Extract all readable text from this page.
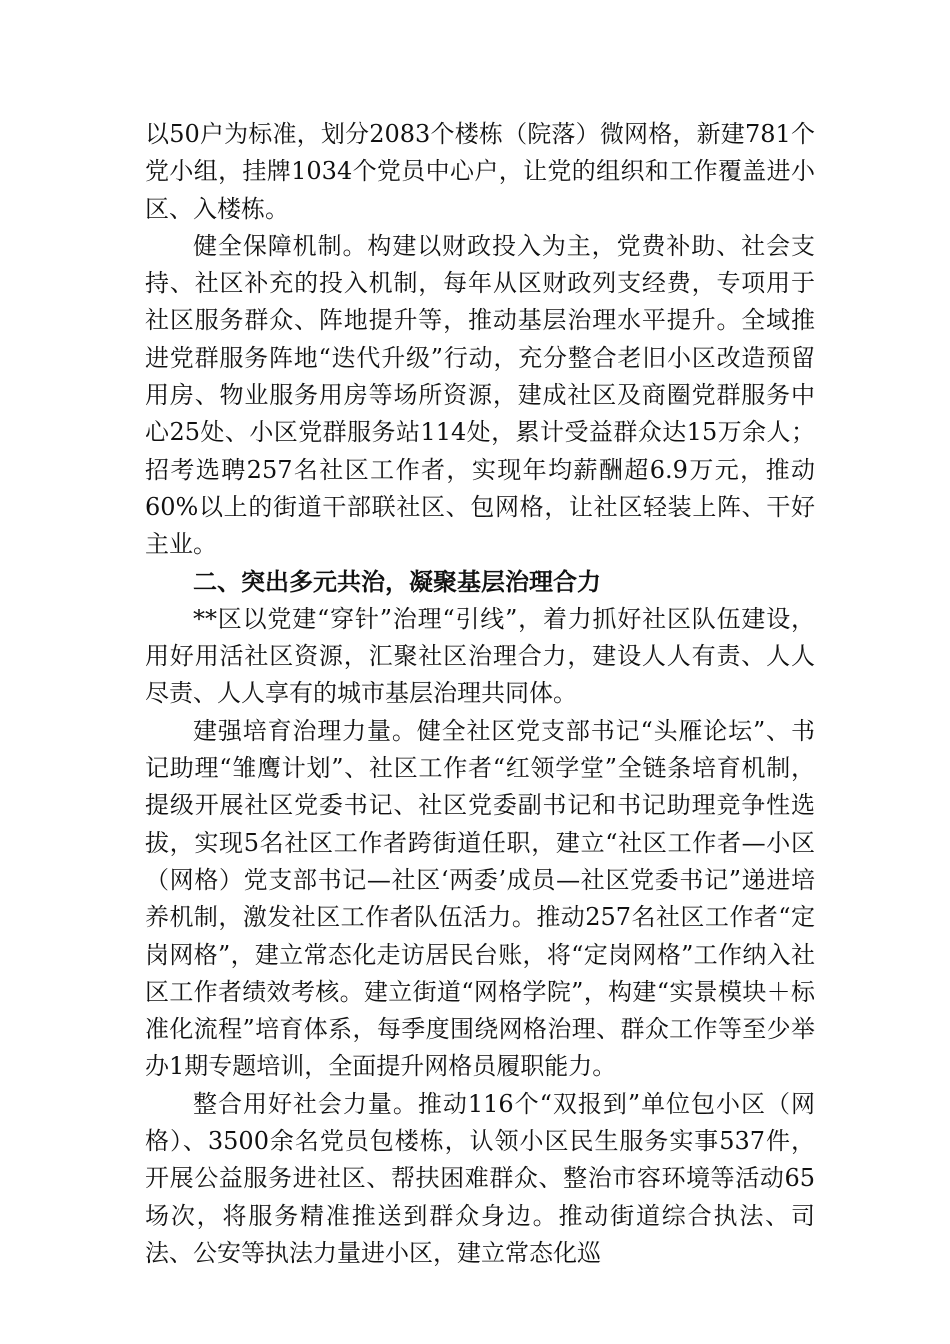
以50户为标准，划分2083个楼栋（院落）微网格，新建781个党小组，挂牌1034个党员中心户，让党的组织和工作覆盖进小区、入楼栋。

健全保障机制。构建以财政投入为主，党费补助、社会支持、社区补充的投入机制，每年从区财政列支经费，专项用于社区服务群众、阵地提升等，推动基层治理水平提升。全域推进党群服务阵地“迭代升级”行动，充分整合老旧小区改造预留用房、物业服务用房等场所资源，建成社区及商圈党群服务中心25处、小区党群服务站114处，累计受益群众达15万余人；招考选聘257名社区工作者，实现年均薪酬超6.9万元，推动60%以上的街道干部联社区、包网格，让社区轻装上阵、干好主业。

二、突出多元共治，凝聚基层治理合力

**区以党建“穿针”治理“引线”，着力抓好社区队伍建设，用好用活社区资源，汇聚社区治理合力，建设人人有责、人人尽责、人人享有的城市基层治理共同体。

建强培育治理力量。健全社区党支部书记“头雁论坛”、书记助理“雏鹰计划”、社区工作者“红领学堂”全链条培育机制，提级开展社区党委书记、社区党委副书记和书记助理竞争性选拔，实现5名社区工作者跨街道任职，建立“社区工作者—小区（网格）党支部书记—社区‘两委’成员—社区党委书记”递进培养机制，激发社区工作者队伍活力。推动257名社区工作者“定岗网格”，建立常态化走访居民台账，将“定岗网格”工作纳入社区工作者绩效考核。建立街道“网格学院”，构建“实景模块＋标准化流程”培育体系，每季度围绕网格治理、群众工作等至少举办1期专题培训，全面提升网格员履职能力。

整合用好社会力量。推动116个“双报到”单位包小区（网格）、3500余名党员包楼栋，认领小区民生服务实事537件，开展公益服务进社区、帮扶困难群众、整治市容环境等活动65场次，将服务精准推送到群众身边。推动街道综合执法、司法、公安等执法力量进小区，建立常态化巡
